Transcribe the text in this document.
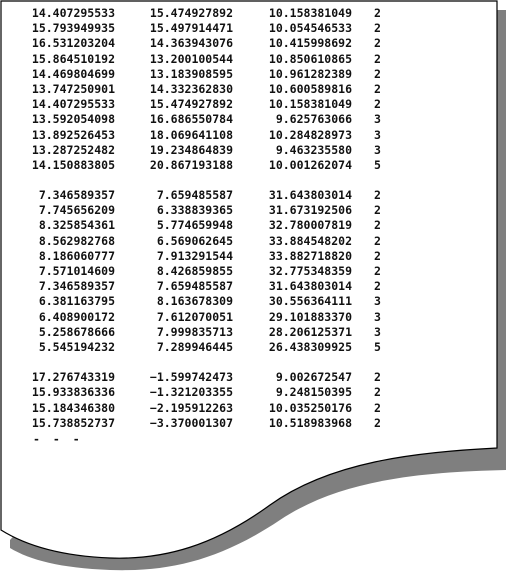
14.407295533	15.474927892	10.158381049 2
15.793949935	15.497914471	10.054546533 2
16.531203204	14.363943076	10.415998692 2
15.864510192	13.200100544	10.850610865 2
14.469804699	13.183908595	10.961282389 2
13.747250901	14.332362830	10.600589816 2
14.407295533	15.474927892	10.158381049 2
13.592054098	16.686550784	9.625763066 3
13.892526453	18.069641108	10.284828973 3
13.287252482	19.234864839	9.463235580 3
14.150883805	20.867193188	10.001262074 5
7.346589357	7.659485587	31.643803014 2
7.745656209	6.338839365	31.673192506 2
8.325854361	5.774659948	32.780007819 2
8.562982768	6.569062645	33.884548202 2
8.186060777	7.913291544	33.882718820 2
7.571014609	8.426859855	32.775348359 2
7.346589357	7.659485587	31.643803014 2
6.381163795	8.163678309	30.556364111 3
6.408900172	7.612070051	29.101883370 3
5.258678666	7.999835713	28.206125371 3
5.545194232	7.289946445	26.438309925 5
17.276743319	−1.599742473	9.002672547 2
15.933836336	−1.321203355	9.248150395 2
15.184346380	−2.195912263	10.035250176 2
15.738852737	−3.370001307	10.518983968 2
- - -
